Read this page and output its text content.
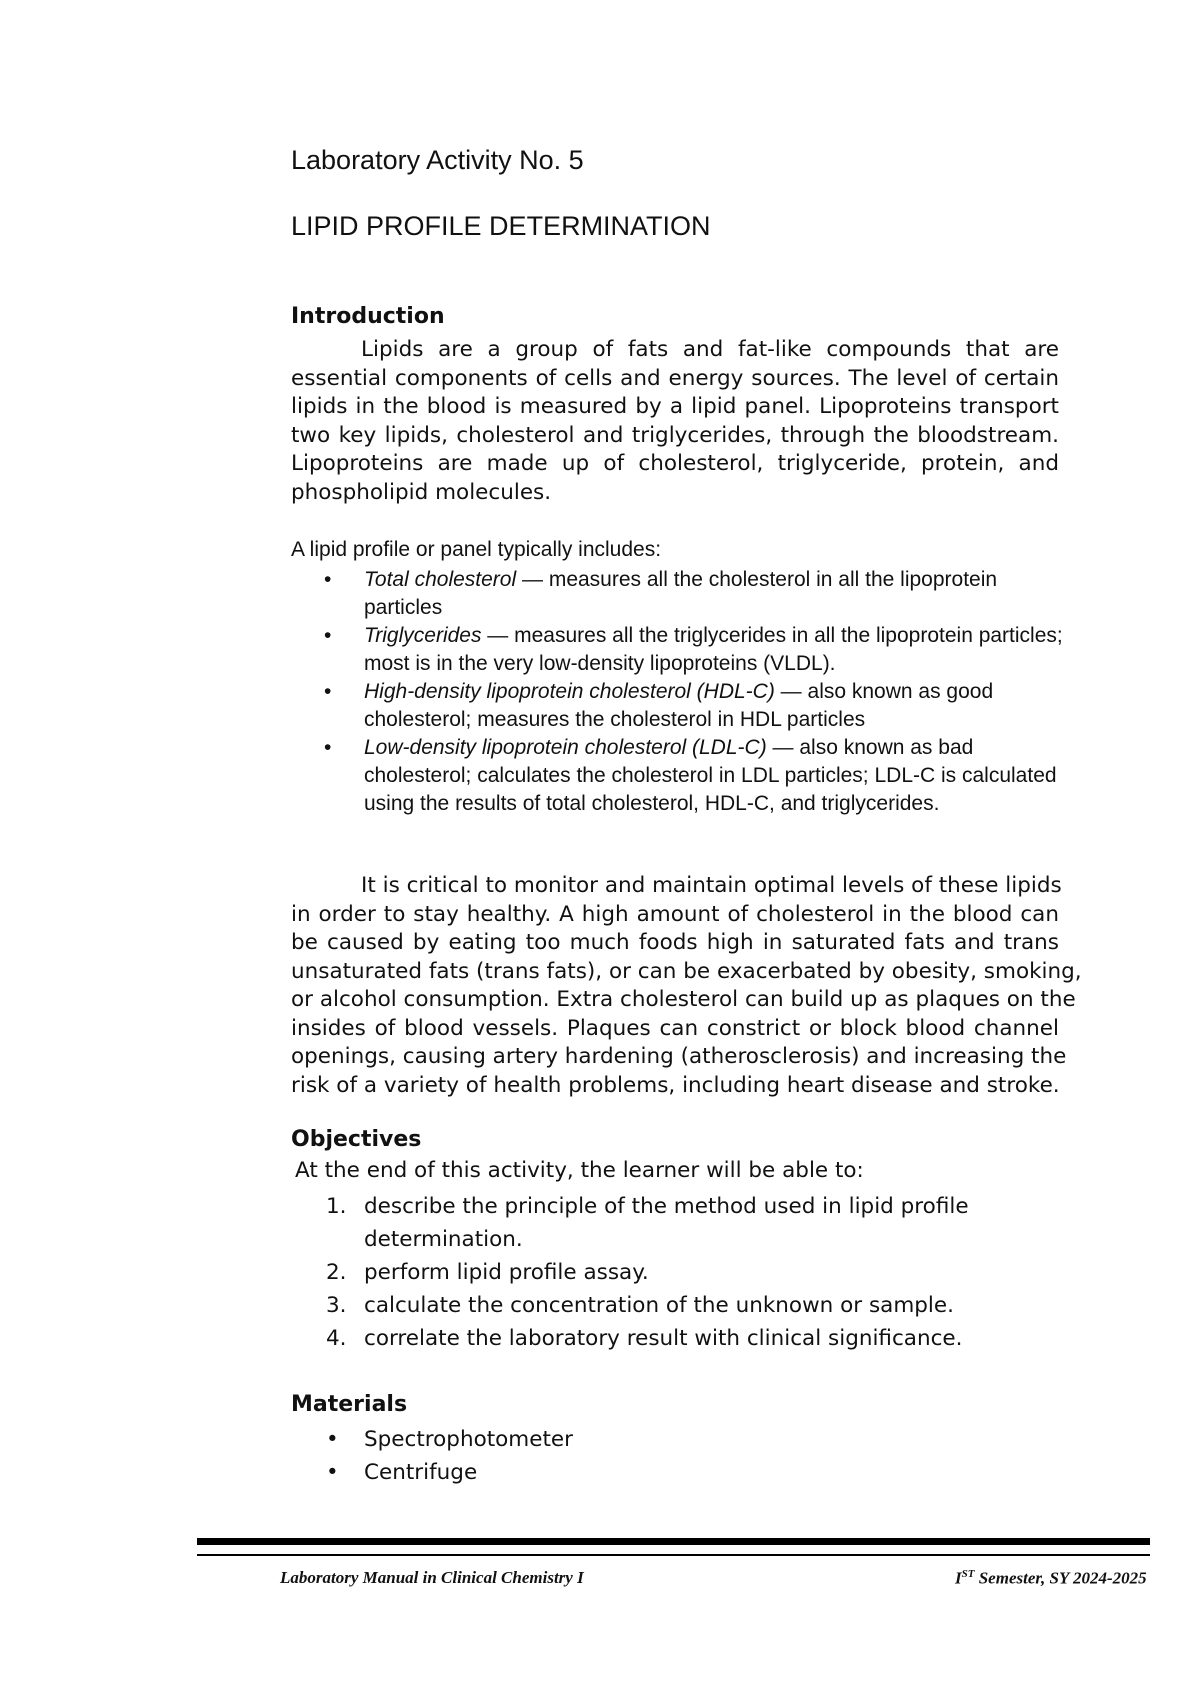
Laboratory Activity No. 5
LIPID PROFILE DETERMINATION
Introduction
Lipids are a group of fats and fat-like compounds that are
essential components of cells and energy sources. The level of certain
lipids in the blood is measured by a lipid panel. Lipoproteins transport
two key lipids, cholesterol and triglycerides, through the bloodstream.
Lipoproteins are made up of cholesterol, triglyceride, protein, and
phospholipid molecules.
A lipid profile or panel typically includes:
• Total cholesterol — measures all the cholesterol in all the lipoprotein particles
• Triglycerides — measures all the triglycerides in all the lipoprotein particles; most is in the very low-density lipoproteins (VLDL).
• High-density lipoprotein cholesterol (HDL-C) — also known as good cholesterol; measures the cholesterol in HDL particles
• Low-density lipoprotein cholesterol (LDL-C) — also known as bad cholesterol; calculates the cholesterol in LDL particles; LDL-C is calculated using the results of total cholesterol, HDL-C, and triglycerides.
It is critical to monitor and maintain optimal levels of these lipids
in order to stay healthy. A high amount of cholesterol in the blood can
be caused by eating too much foods high in saturated fats and trans
unsaturated fats (trans fats), or can be exacerbated by obesity, smoking,
or alcohol consumption. Extra cholesterol can build up as plaques on the
insides of blood vessels. Plaques can constrict or block blood channel
openings, causing artery hardening (atherosclerosis) and increasing the
risk of a variety of health problems, including heart disease and stroke.
Objectives
At the end of this activity, the learner will be able to:
1. describe the principle of the method used in lipid profile
determination.
2. perform lipid profile assay.
3. calculate the concentration of the unknown or sample.
4. correlate the laboratory result with clinical significance.
Materials
• Spectrophotometer
• Centrifuge
Laboratory Manual in Clinical Chemistry I	IST Semester, SY 2024-2025
